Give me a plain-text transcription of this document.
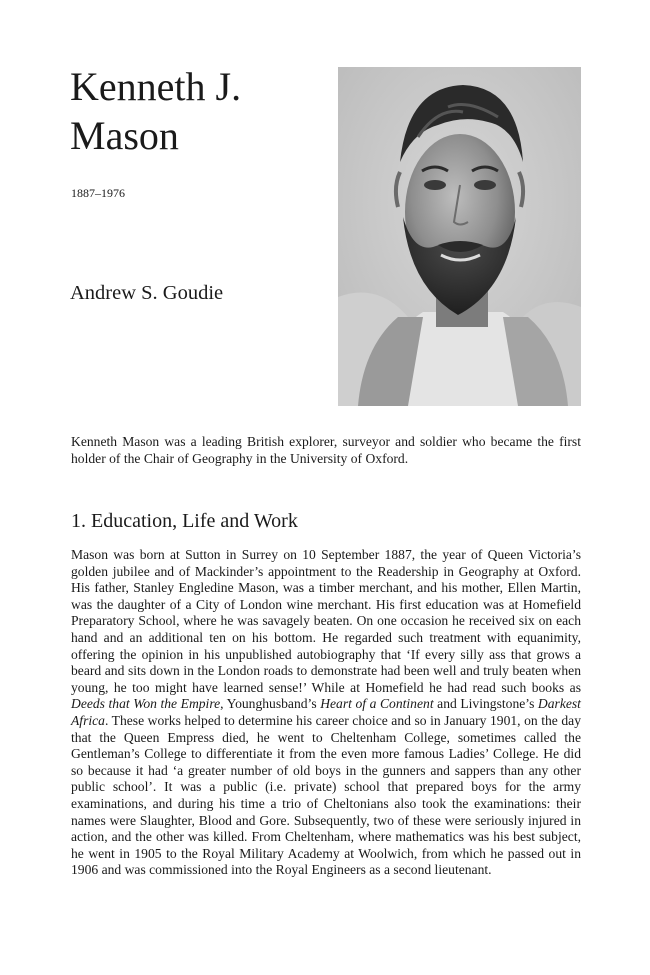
Kenneth J. Mason
1887–1976
Andrew S. Goudie

Kenneth Mason was a leading British explorer, surveyor and soldier who became the first holder of the Chair of Geography in the University of Oxford.

1. Education, Life and Work

Mason was born at Sutton in Surrey on 10 September 1887, the year of Queen Victoria’s golden jubilee and of Mackinder’s appointment to the Readership in Geography at Oxford. His father, Stanley Engledine Mason, was a timber merchant, and his mother, Ellen Martin, was the daughter of a City of London wine merchant. His first education was at Homefield Preparatory School, where he was savagely beaten. On one occasion he received six on each hand and an additional ten on his bottom. He regarded such treatment with equanimity, offering the opinion in his unpublished autobiography that ‘If every silly ass that grows a beard and sits down in the London roads to demonstrate had been well and truly beaten when young, he too might have learned sense!’ While at Homefield he had read such books as Deeds that Won the Empire, Younghusband’s Heart of a Continent and Livingstone’s Darkest Africa. These works helped to determine his career choice and so in January 1901, on the day that the Queen Empress died, he went to Cheltenham College, sometimes called the Gentleman’s College to differentiate it from the even more famous Ladies’ College. He did so because it had ‘a greater number of old boys in the gunners and sappers than any other public school’. It was a public (i.e. private) school that prepared boys for the army examinations, and during his time a trio of Cheltonians also took the examinations: their names were Slaughter, Blood and Gore. Subsequently, two of these were seriously injured in action, and the other was killed. From Cheltenham, where mathematics was his best subject, he went in 1905 to the Royal Military Academy at Woolwich, from which he passed out in 1906 and was commissioned into the Royal Engineers as a second lieutenant.
